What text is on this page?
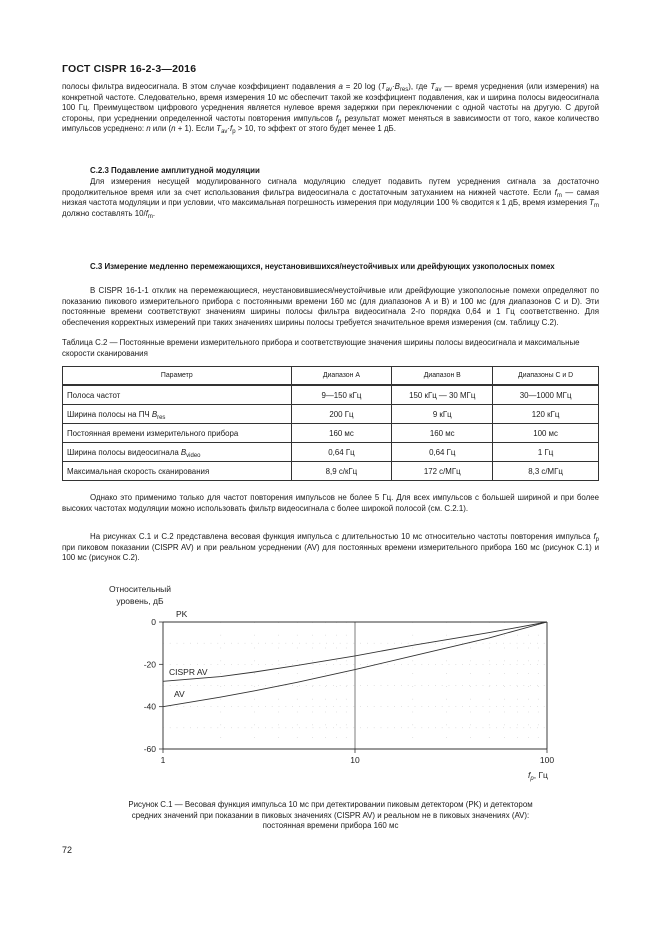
ГОСТ CISPR 16-2-3—2016

полосы фильтра видеосигнала. В этом случае коэффициент подавления a = 20 $\log (T_{av}\cdot B_{res})$, где $T_{av}$ — время усреднения (или измерения) на конкретной частоте. Следовательно, время измерения 10 мс обеспечит такой же коэффициент подавления, как и ширина полосы видеосигнала 100 Гц. Преимуществом цифрового усреднения является нулевое время задержки при переключении с одной частоты на другую. С другой стороны, при усреднении определенной частоты повторения импульсов $f_p$ результат может меняться в зависимости от того, какое количество импульсов усреднено: n или (n + 1). Если $T_{av}\cdot f_p > 10$, то эффект от этого будет менее 1 дБ.

С.2.3 Подавление амплитудной модуляции

Для измерения несущей модулированного сигнала модуляцию следует подавить путем усреднения сигнала за достаточно продолжительное время или за счет использования фильтра видеосигнала с достаточным затуханием на нижней частоте. Если $f_m$ — самая низкая частота модуляции и при условии, что максимальная погрешность измерения при модуляции 100 % сводится к 1 дБ, время измерения $T_m$ должно составлять $10/f_m$.

С.3 Измерение медленно перемежающихся, неустановившихся/неустойчивых или дрейфующих узкополосных помех

В CISPR 16-1-1 отклик на перемежающиеся, неустановившиеся/неустойчивые или дрейфующие узкополосные помехи определяют по показанию пикового измерительного прибора с постоянными времени 160 мс (для диапазонов А и В) и 100 мс (для диапазонов С и D). Эти постоянные времени соответствуют значениям ширины полосы фильтра видеосигнала 2-го порядка 0,64 и 1 Гц соответственно. Для обеспечения корректных измерений при таких значениях ширины полосы требуется значительное время измерения (см. таблицу С.2).

Таблица С.2 — Постоянные времени измерительного прибора и соответствующие значения ширины полосы видеосигнала и максимальные скорости сканирования

Параметр	Диапазон А	Диапазон В	Диапазоны С и D
Полоса частот	9—150 кГц	150 кГц — 30 МГц	30—1000 МГц
Ширина полосы на ПЧ $B_{res}$	200 Гц	9 кГц	120 кГц
Постоянная времени измерительного прибора	160 мс	160 мс	100 мс
Ширина полосы видеосигнала $B_{video}$	0,64 Гц	0,64 Гц	1 Гц
Максимальная скорость сканирования	8,9 с/кГц	172 с/МГц	8,3 с/МГц

Однако это применимо только для частот повторения импульсов не более 5 Гц. Для всех импульсов с большей шириной и при более высоких частотах модуляции можно использовать фильтр видеосигнала с более широкой полосой (см. С.2.1).

На рисунках С.1 и С.2 представлена весовая функция импульса с длительностью 10 мс относительно частоты повторения импульса $f_p$ при пиковом показании (CISPR AV) и при реальном усреднении (AV) для постоянных времени измерительного прибора 160 мс (рисунок С.1) и 100 мс (рисунок С.2).

0
-20
-40
-60
1	10	100
Относительный
уровень, дБ
$f_p$, Гц
PK
CISPR AV
AV

Рисунок С.1 — Весовая функция импульса 10 мс при детектировании пиковым детектором (PK) и детектором
средних значений при показании в пиковых значениях (CISPR AV) и реальном не в пиковых значениях (AV):
постоянная времени прибора 160 мс

72
